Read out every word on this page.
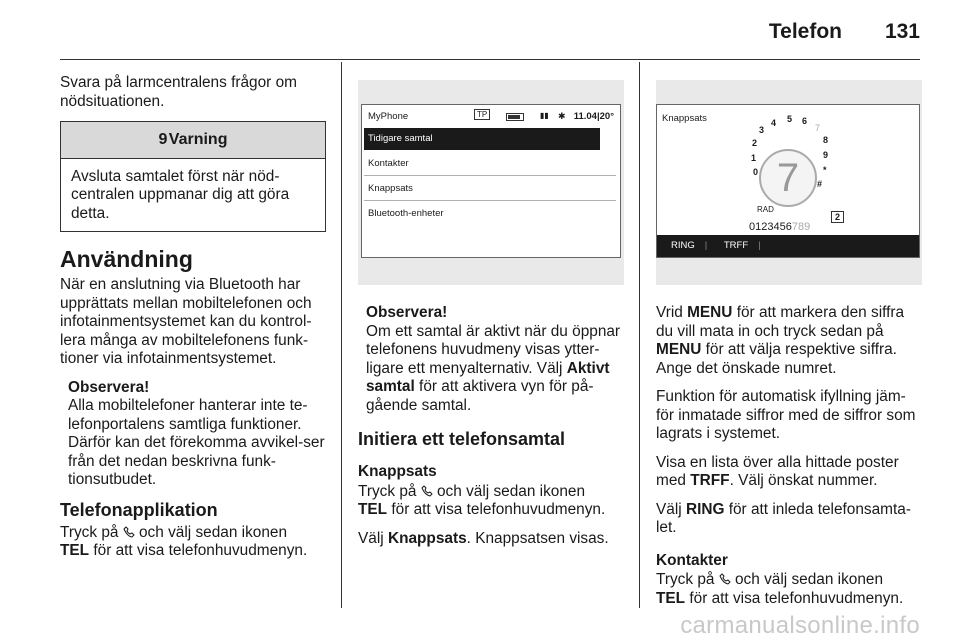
Telefon 131

Svara på larmcentralens frågor om nödsituationen.

9 Varning
Avsluta samtalet först när nöd-centralen uppmanar dig att göra detta.
Användning

När en anslutning via Bluetooth har upprättats mellan mobiltelefonen och infotainmentsystemet kan du kontrol-lera många av mobiltelefonens funk-tioner via infotainmentsystemet.

Observera!

Alla mobiltelefoner hanterar inte te-lefonportalens samtliga funktioner. Därför kan det förekomma avvikel-ser från det nedan beskrivna funk-tionsutbudet.

Telefonapplikation

Tryck på och välj sedan ikonen
TEL för att visa telefonhuvudmenyn.

MyPhone	TP	▮▮ ✱ 11.04|20°
Tidigare samtal
Kontakter
Knappsats
Bluetooth-enheter
Observera!

Om ett samtal är aktivt när du öppnar telefonens huvudmeny visas ytter-ligare ett menyalternativ. Välj Aktivt samtal för att aktivera vyn för på-gående samtal.

Initiera ett telefonsamtal
Knappsats

Tryck på och välj sedan ikonen
TEL för att visa telefonhuvudmenyn.

Välj Knappsats. Knappsatsen visas.

Knappsats
0
1
2
3
4 5 6
7
8
9
*
#
7
RAD
0123456789
2
RING | TRFF |

Vrid MENU för att markera den siffra du vill mata in och tryck sedan på MENU för att välja respektive siffra. Ange det önskade numret.

Funktion för automatisk ifyllning jäm-för inmatade siffror med de siffror som lagrats i systemet.

Visa en lista över alla hittade poster med TRFF. Välj önskat nummer.

Välj RING för att inleda telefonsamta-let.

Kontakter

Tryck på och välj sedan ikonen
TEL för att visa telefonhuvudmenyn.

carmanualsonline.info
